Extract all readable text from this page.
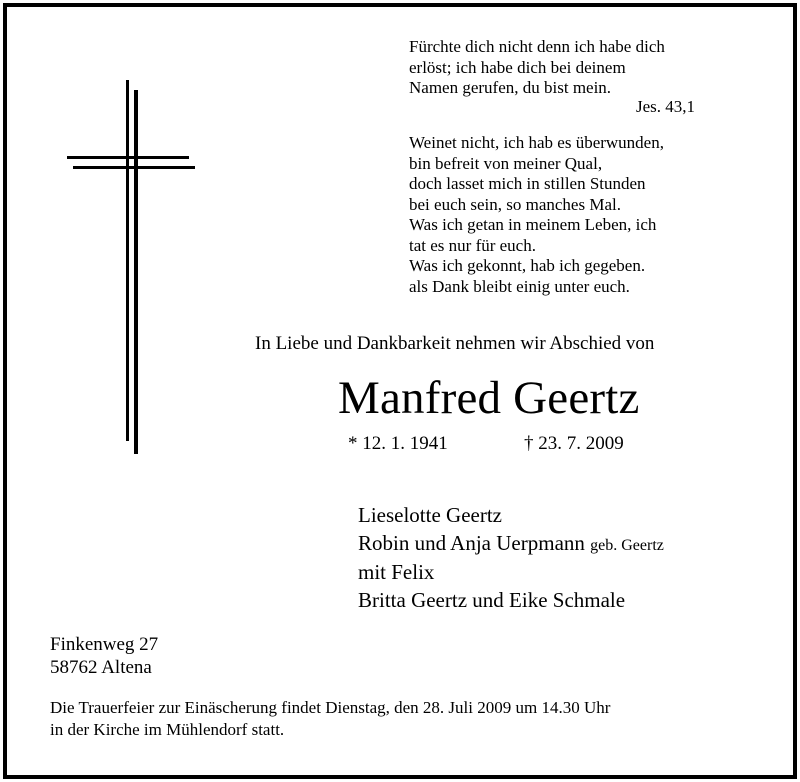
Fürchte dich nicht denn ich habe dich
erlöst; ich habe dich bei deinem
Namen gerufen, du bist mein.
Jes. 43,1
Weinet nicht, ich hab es überwunden,
bin befreit von meiner Qual,
doch lasset mich in stillen Stunden
bei euch sein, so manches Mal.
Was ich getan in meinem Leben, ich
tat es nur für euch.
Was ich gekonnt, hab ich gegeben.
als Dank bleibt einig unter euch.
In Liebe und Dankbarkeit nehmen wir Abschied von
Manfred Geertz
* 12. 1. 1941	† 23. 7. 2009
Lieselotte Geertz
Robin und Anja Uerpmann geb. Geertz
mit Felix
Britta Geertz und Eike Schmale
Finkenweg 27
58762 Altena
Die Trauerfeier zur Einäscherung findet Dienstag, den 28. Juli 2009 um 14.30 Uhr
in der Kirche im Mühlendorf statt.
